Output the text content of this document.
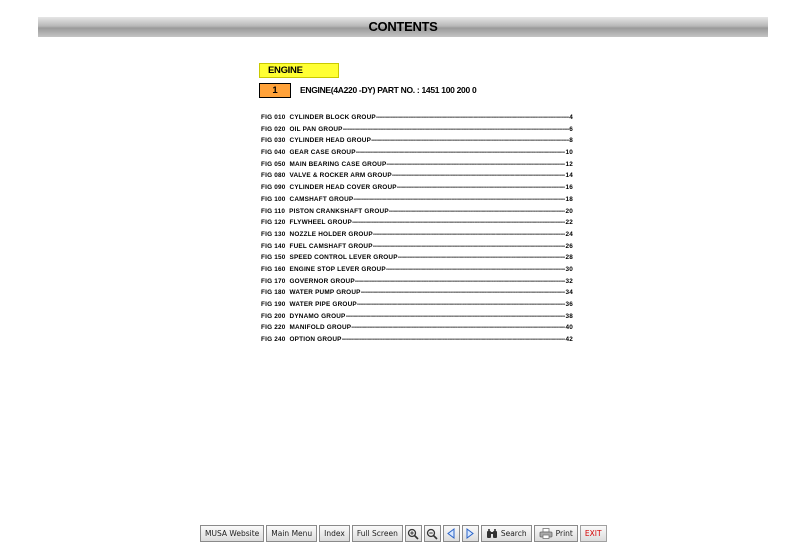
CONTENTS
ENGINE
1	ENGINE(4A220 -DY) PART NO. : 1451 100 200 0
FIG 010 CYLINDER BLOCK GROUP -----	4
FIG 020 OIL PAN GROUP -----	6
FIG 030 CYLINDER HEAD GROUP -----	8
FIG 040 GEAR CASE GROUP -----	10
FIG 050 MAIN BEARING CASE GROUP -----	12
FIG 080 VALVE & ROCKER ARM GROUP -----	14
FIG 090 CYLINDER HEAD COVER GROUP -----	16
FIG 100 CAMSHAFT GROUP -----	18
FIG 110 PISTON CRANKSHAFT GROUP -----	20
FIG 120 FLYWHEEL GROUP -----	22
FIG 130 NOZZLE HOLDER GROUP -----	24
FIG 140 FUEL CAMSHAFT GROUP -----	26
FIG 150 SPEED CONTROL LEVER GROUP -----	28
FIG 160 ENGINE STOP LEVER GROUP -----	30
FIG 170 GOVERNOR GROUP -----	32
FIG 180 WATER PUMP GROUP -----	34
FIG 190 WATER PIPE GROUP -----	36
FIG 200 DYNAMO GROUP -----	38
FIG 220 MANIFOLD GROUP -----	40
FIG 240 OPTION GROUP -----	42
MUSA Website	Main Menu	Index	Full Screen	Search	Print	EXIT
